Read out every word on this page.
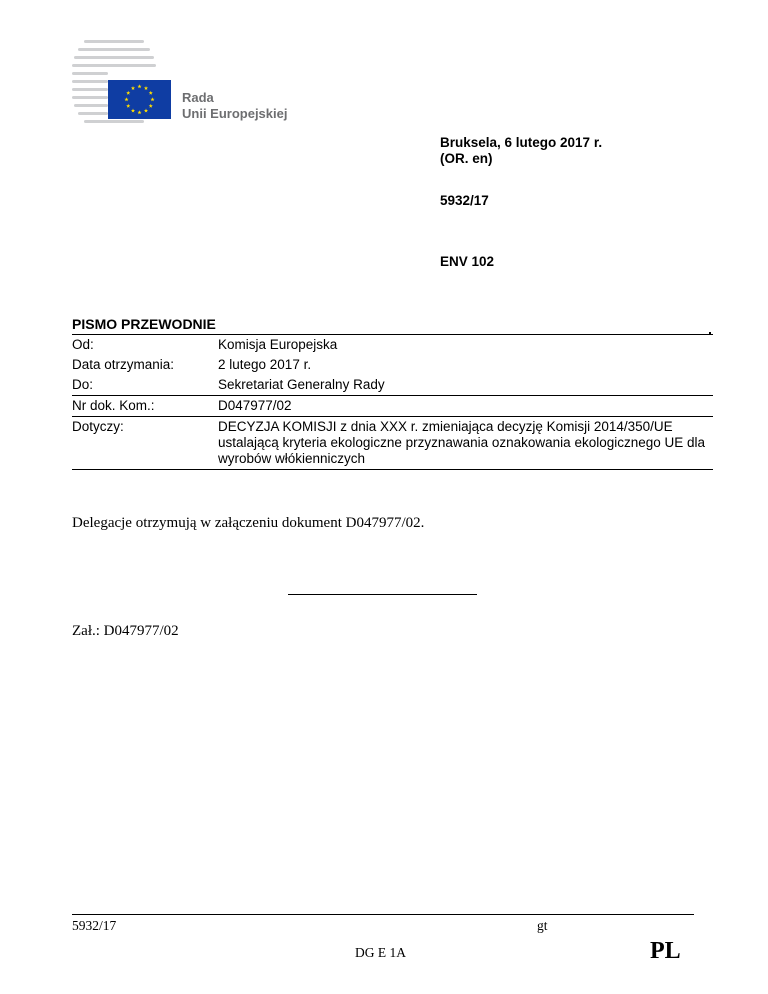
Rada
Unii Europejskiej
Bruksela, 6 lutego 2017 r.
(OR. en)
5932/17
ENV 102
PISMO PRZEWODNIE
Od:	Komisja Europejska
Data otrzymania:	2 lutego 2017 r.
Do:	Sekretariat Generalny Rady
Nr dok. Kom.:	D047977/02
Dotyczy:	DECYZJA KOMISJI z dnia XXX r. zmieniająca decyzję Komisji 2014/350/UE ustalającą kryteria ekologiczne przyznawania oznakowania ekologicznego UE dla wyrobów włókienniczych
Delegacje otrzymują w załączeniu dokument D047977/02.
Zał.: D047977/02
5932/17	gt
DG E 1A	PL
